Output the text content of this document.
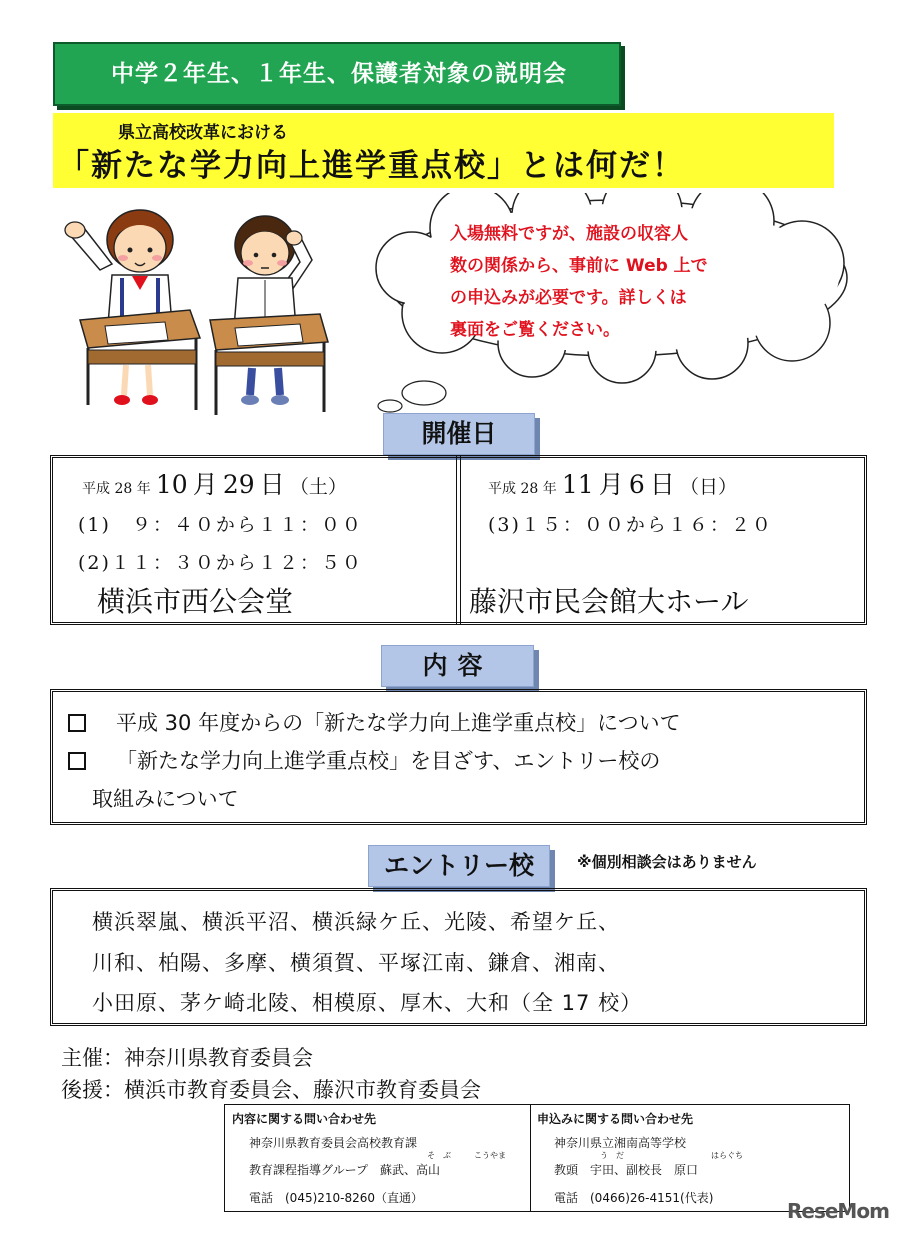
中学２年生、１年生、保護者対象の説明会
県立高校改革における
「新たな学力向上進学重点校」とは何だ！
入場無料ですが、施設の収容人
数の関係から、事前に Web 上で
の申込みが必要です。詳しくは
裏面をご覧ください。
開催日
平成 28 年 10 月 29 日 （土）
(1)　９：４０から１１：００
(2)１１：３０から１２：５０
横浜市西公会堂
平成 28 年 11 月 6 日 （日）
(3)１５：００から１６：２０
藤沢市民会館大ホール
内容
平成 30 年度からの「新たな学力向上進学重点校」について
「新たな学力向上進学重点校」を目ざす、エントリー校の
取組みについて
エントリー校	※個別相談会はありません
横浜翠嵐、横浜平沼、横浜緑ケ丘、光陵、希望ケ丘、
川和、柏陽、多摩、横須賀、平塚江南、鎌倉、湘南、
小田原、茅ケ崎北陵、相模原、厚木、大和（全 17 校）
主催：神奈川県教育委員会
後援：横浜市教育委員会、藤沢市教育委員会
内容に関する問い合わせ先
神奈川県教育委員会高校教育課
そ　ぶ	こうやま
教育課程指導グループ　蘇武、高山
電話　(045)210-8260（直通）
申込みに関する問い合わせ先
神奈川県立湘南高等学校
う　だ	はらぐち
教頭　宇田、副校長　原口
電話　(0466)26-4151(代表)
ReseMom
